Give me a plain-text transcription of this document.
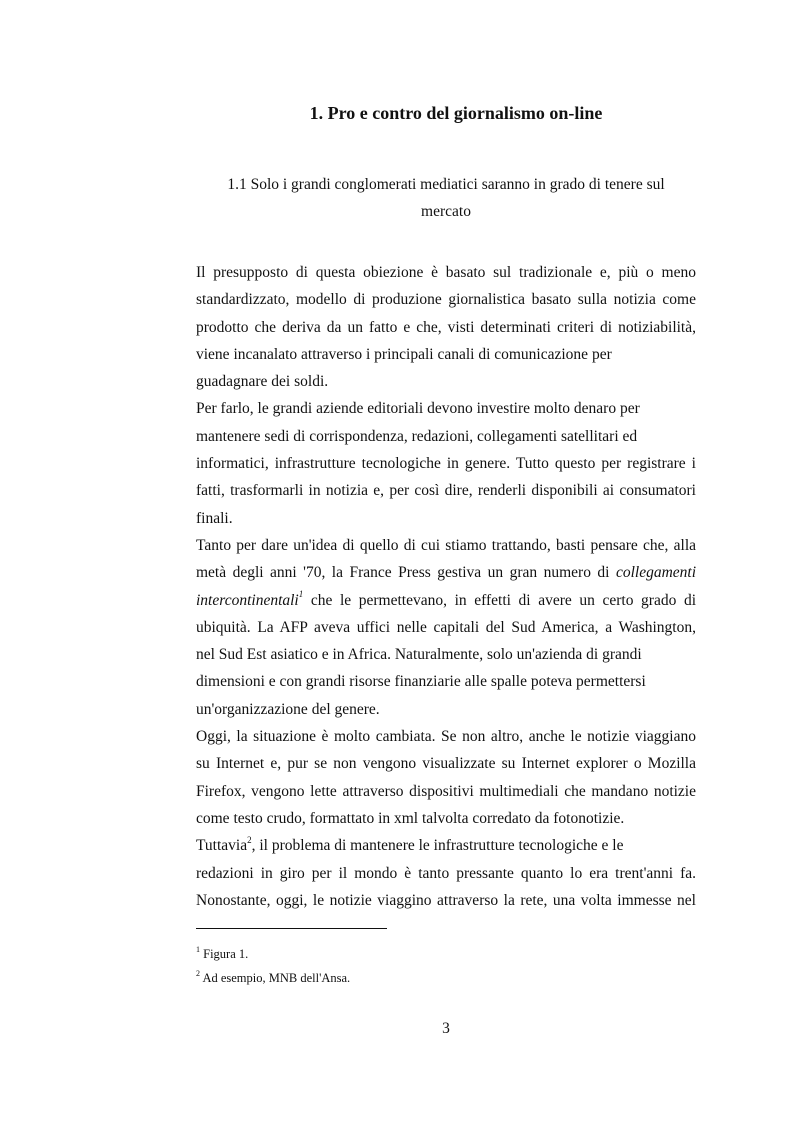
1. Pro e contro del giornalismo on-line
1.1 Solo i grandi conglomerati mediatici saranno in grado di tenere sul
mercato
Il presupposto di questa obiezione è basato sul tradizionale e, più o meno
standardizzato, modello di produzione giornalistica basato sulla notizia come
prodotto che deriva da un fatto e che, visti determinati criteri di notiziabilità,
viene incanalato attraverso i principali canali di comunicazione per
guadagnare dei soldi.
Per farlo, le grandi aziende editoriali devono investire molto denaro per
mantenere sedi di corrispondenza, redazioni, collegamenti satellitari ed
informatici, infrastrutture tecnologiche in genere. Tutto questo per registrare i
fatti, trasformarli in notizia e, per così dire, renderli disponibili ai consumatori
finali.
Tanto per dare un'idea di quello di cui stiamo trattando, basti pensare che, alla
metà degli anni '70, la France Press gestiva un gran numero di collegamenti
intercontinentali$^1$ che le permettevano, in effetti di avere un certo grado di
ubiquità. La AFP aveva uffici nelle capitali del Sud America, a Washington,
nel Sud Est asiatico e in Africa. Naturalmente, solo un'azienda di grandi
dimensioni e con grandi risorse finanziarie alle spalle poteva permettersi
un'organizzazione del genere.
Oggi, la situazione è molto cambiata. Se non altro, anche le notizie viaggiano
su Internet e, pur se non vengono visualizzate su Internet explorer o Mozilla
Firefox, vengono lette attraverso dispositivi multimediali che mandano notizie
come testo crudo, formattato in xml talvolta corredato da fotonotizie.
Tuttavia$^2$, il problema di mantenere le infrastrutture tecnologiche e le
redazioni in giro per il mondo è tanto pressante quanto lo era trent'anni fa.
Nonostante, oggi, le notizie viaggino attraverso la rete, una volta immesse nel
$^1$ Figura 1.
$^2$ Ad esempio, MNB dell'Ansa.
3
